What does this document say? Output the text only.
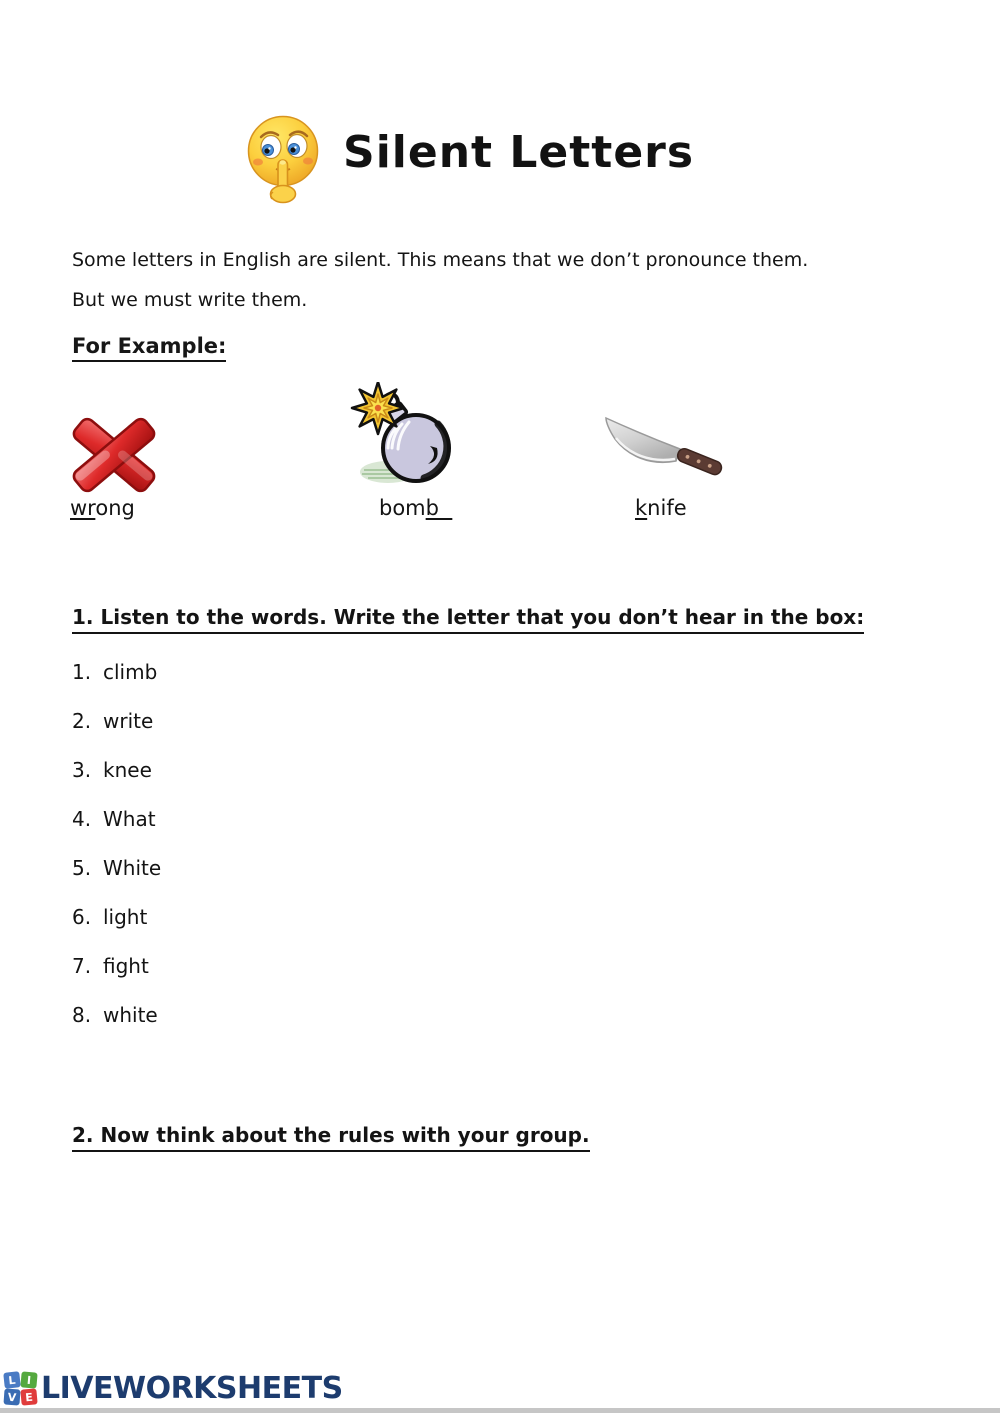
Silent Letters
Some letters in English are silent. This means that we don’t pronounce them.
But we must write them.
For Example:
wrong	bomb	knife
1. Listen to the words. Write the letter that you don’t hear in the box:
1. climb
2. write
3. knee
4. What
5. White
6. light
7. fight
8. white
2. Now think about the rules with your group.
L I
V E LIVEWORKSHEETS
